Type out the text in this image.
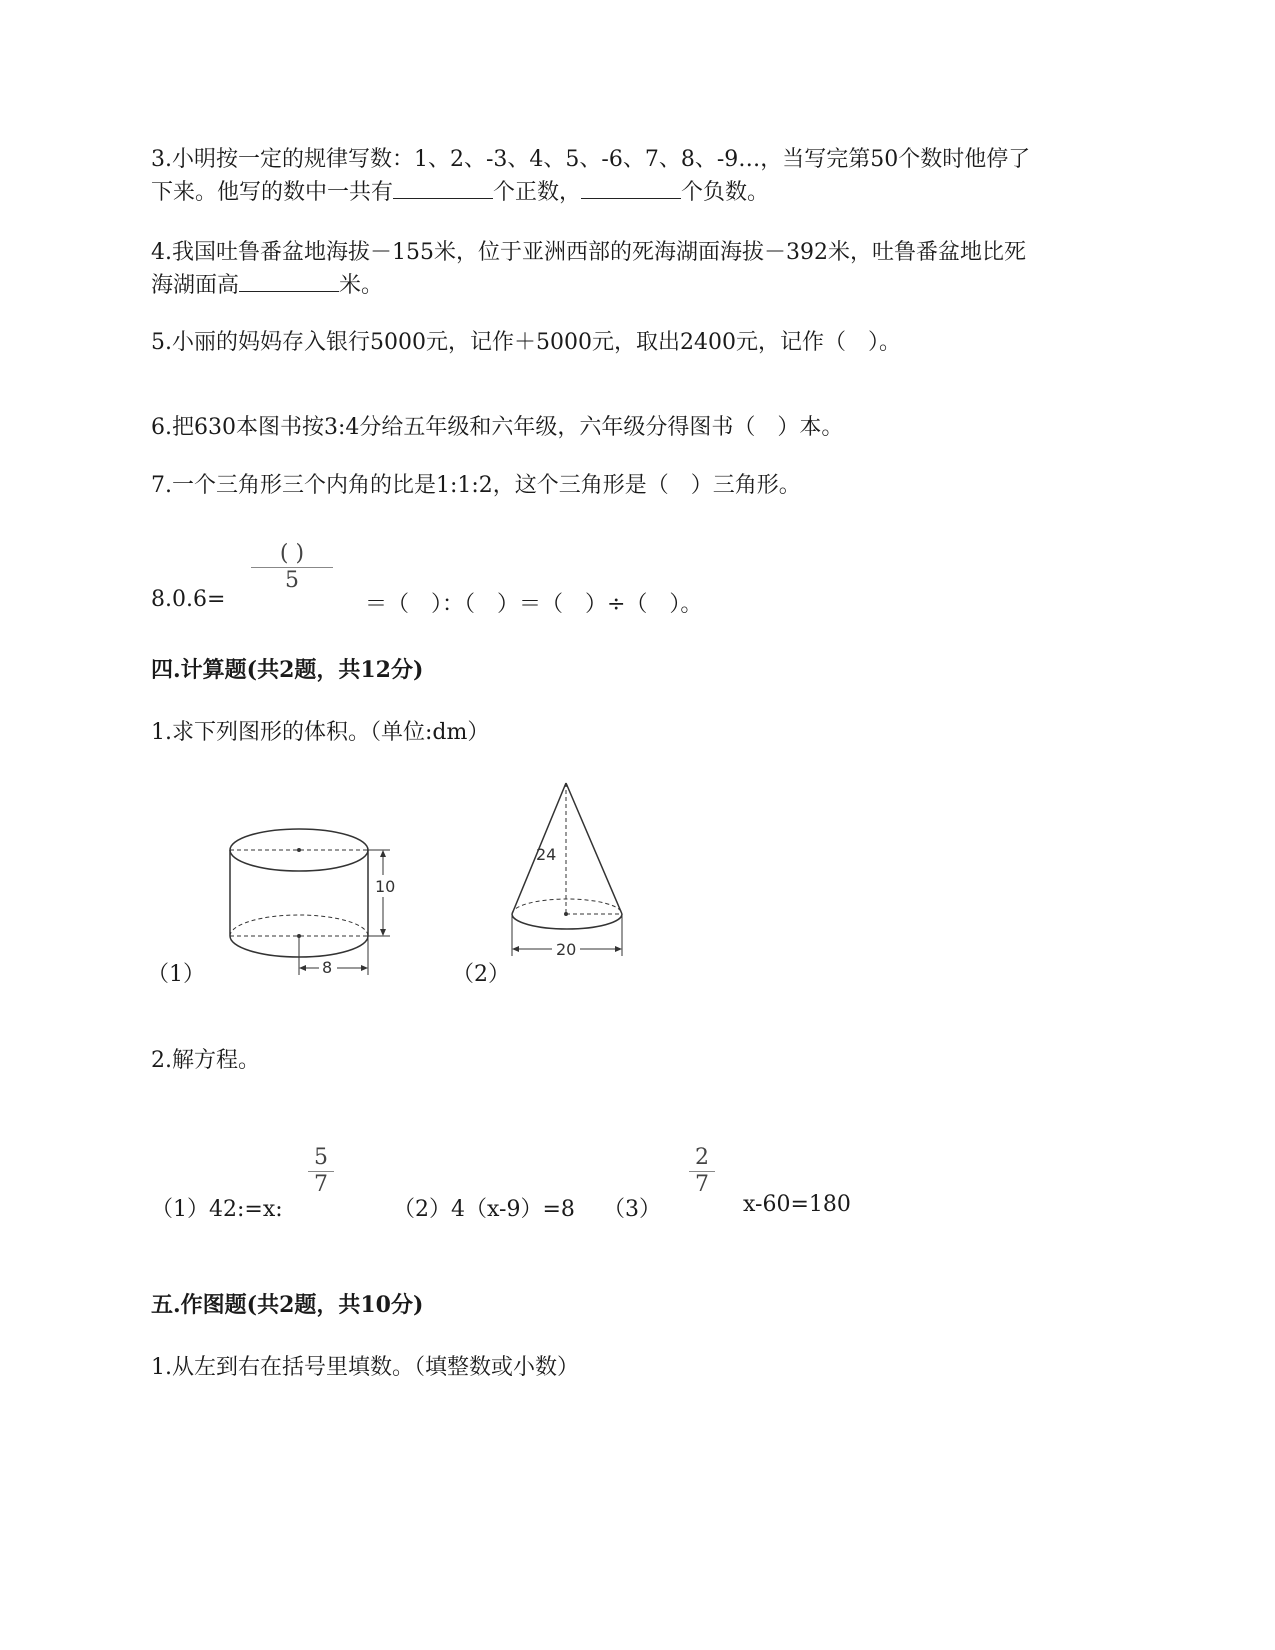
3.小明按一定的规律写数：1、2、-3、4、5、-6、7、8、-9…，当写完第50个数时他停了
下来。他写的数中一共有	个正数，	个负数。
4.我国吐鲁番盆地海拔－155米，位于亚洲西部的死海湖面海拔－392米，吐鲁番盆地比死
海湖面高	米。
5.小丽的妈妈存入银行5000元，记作＋5000元，取出2400元，记作（　）。
6.把630本图书按3:4分给五年级和六年级，六年级分得图书（　）本。
7.一个三角形三个内角的比是1:1:2，这个三角形是（　）三角形。
8.0.6=
( )
5
＝（　）：（　）＝（　）÷（　）。
四.计算题(共2题，共12分)
1.求下列图形的体积。（单位:dm）
10
8
（1）
24
20
（2）
2.解方程。
（1）42:=x:
5
7
（2）4（x-9）=8 （3）
2
7
x-60=180
五.作图题(共2题，共10分)
1.从左到右在括号里填数。（填整数或小数）
